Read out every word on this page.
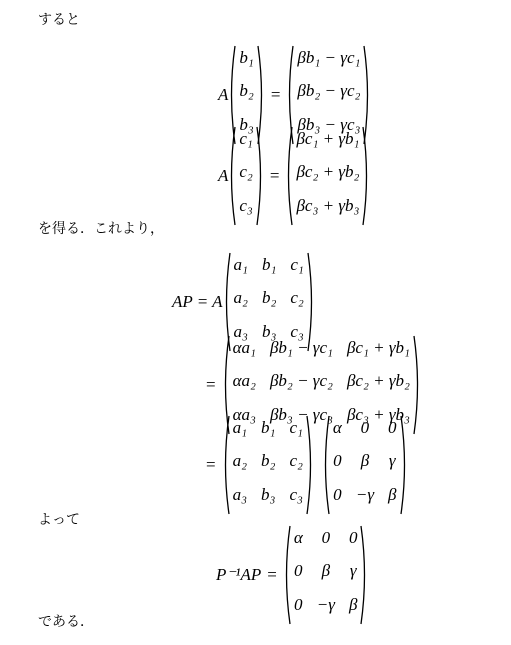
すると
を得る．これより，
よって
である．
A
b₁
b₂
b₃
=
βb₁ − γc₁
βb₂ − γc₂
βb₃ − γc₃
A
c₁
c₂
c₃
=
βc₁ + γb₁
βc₂ + γb₂
βc₃ + γb₃
AP = A
a₁ b₁ c₁
a₂ b₂ c₂
a₃ b₃ c₃
=
αa₁ βb₁ − γc₁ βc₁ + γb₁
αa₂ βb₂ − γc₂ βc₂ + γb₂
αa₃ βb₃ − γc₃ βc₃ + γb₃
=
a₁ b₁ c₁
a₂ b₂ c₂
a₃ b₃ c₃
α 0 0
0 β γ
0 −γ β
P⁻¹AP =
α 0 0
0 β γ
0 −γ β
